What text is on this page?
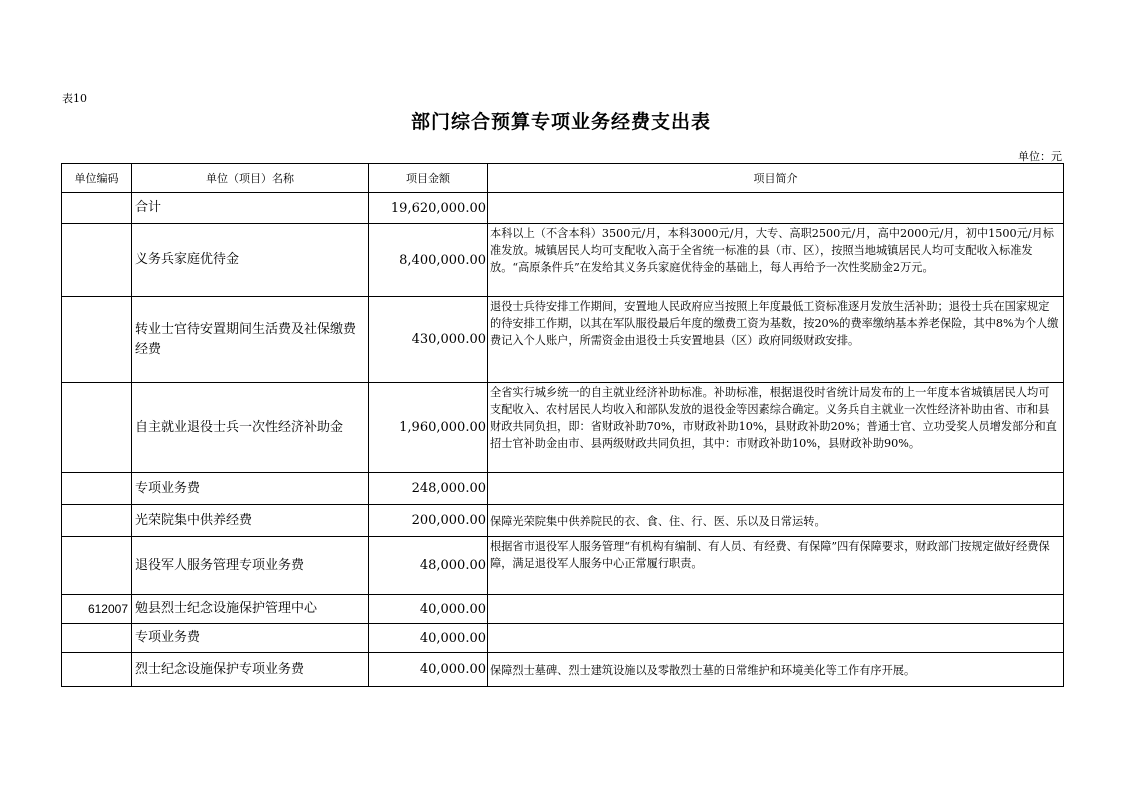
表10
部门综合预算专项业务经费支出表
单位：元
单位编码	单位（项目）名称	项目金额	项目简介
	合计	19,620,000.00	
	义务兵家庭优待金	8,400,000.00	本科以上（不含本科）3500元/月，本科3000元/月，大专、高职2500元/月，高中2000元/月，初中1500元/月标准发放。城镇居民人均可支配收入高于全省统一标准的县（市、区），按照当地城镇居民人均可支配收入标准发放。“高原条件兵”在发给其义务兵家庭优待金的基础上，每人再给予一次性奖励金2万元。
	转业士官待安置期间生活费及社保缴费经费	430,000.00	退役士兵待安排工作期间，安置地人民政府应当按照上年度最低工资标准逐月发放生活补助；退役士兵在国家规定的待安排工作期，以其在军队服役最后年度的缴费工资为基数，按20%的费率缴纳基本养老保险，其中8%为个人缴费记入个人账户，所需资金由退役士兵安置地县（区）政府同级财政安排。
	自主就业退役士兵一次性经济补助金	1,960,000.00	全省实行城乡统一的自主就业经济补助标准。补助标准，根据退役时省统计局发布的上一年度本省城镇居民人均可支配收入、农村居民人均收入和部队发放的退役金等因素综合确定。义务兵自主就业一次性经济补助由省、市和县财政共同负担，即：省财政补助70%，市财政补助10%，县财政补助20%；普通士官、立功受奖人员增发部分和直招士官补助金由市、县两级财政共同负担，其中：市财政补助10%，县财政补助90%。
	专项业务费	248,000.00	
	光荣院集中供养经费	200,000.00	保障光荣院集中供养院民的衣、食、住、行、医、乐以及日常运转。
	退役军人服务管理专项业务费	48,000.00	根据省市退役军人服务管理“有机构有编制、有人员、有经费、有保障”四有保障要求，财政部门按规定做好经费保障，满足退役军人服务中心正常履行职责。
612007	勉县烈士纪念设施保护管理中心	40,000.00	
	专项业务费	40,000.00	
	烈士纪念设施保护专项业务费	40,000.00	保障烈士墓碑、烈士建筑设施以及零散烈士墓的日常维护和环境美化等工作有序开展。
